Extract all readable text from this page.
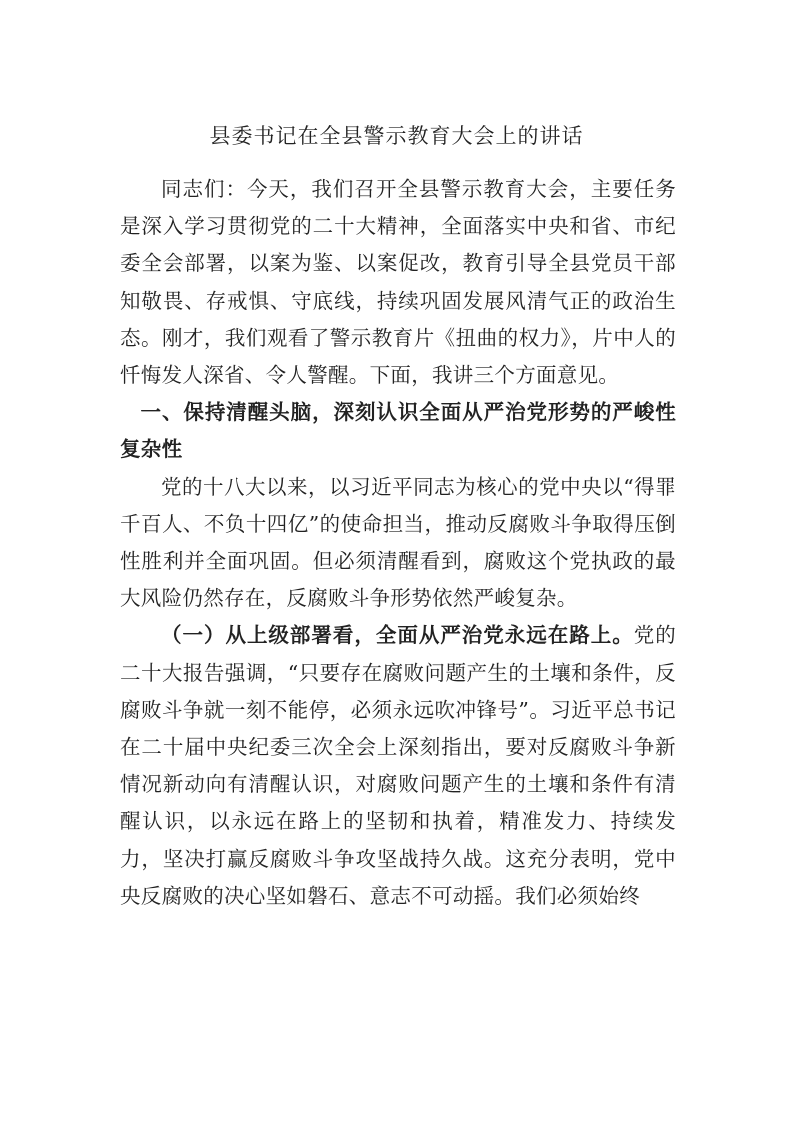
县委书记在全县警示教育大会上的讲话

同志们：今天，我们召开全县警示教育大会，主要任务是深入学习贯彻党的二十大精神，全面落实中央和省、市纪委全会部署，以案为鉴、以案促改，教育引导全县党员干部知敬畏、存戒惧、守底线，持续巩固发展风清气正的政治生态。刚才，我们观看了警示教育片《扭曲的权力》，片中人的忏悔发人深省、令人警醒。下面，我讲三个方面意见。

一、保持清醒头脑，深刻认识全面从严治党形势的严峻性复杂性

党的十八大以来，以习近平同志为核心的党中央以“得罪千百人、不负十四亿”的使命担当，推动反腐败斗争取得压倒性胜利并全面巩固。但必须清醒看到，腐败这个党执政的最大风险仍然存在，反腐败斗争形势依然严峻复杂。

（一）从上级部署看，全面从严治党永远在路上。党的二十大报告强调，“只要存在腐败问题产生的土壤和条件，反腐败斗争就一刻不能停，必须永远吹冲锋号”。习近平总书记在二十届中央纪委三次全会上深刻指出，要对反腐败斗争新情况新动向有清醒认识，对腐败问题产生的土壤和条件有清醒认识，以永远在路上的坚韧和执着，精准发力、持续发力，坚决打赢反腐败斗争攻坚战持久战。这充分表明，党中央反腐败的决心坚如磐石、意志不可动摇。我们必须始终
